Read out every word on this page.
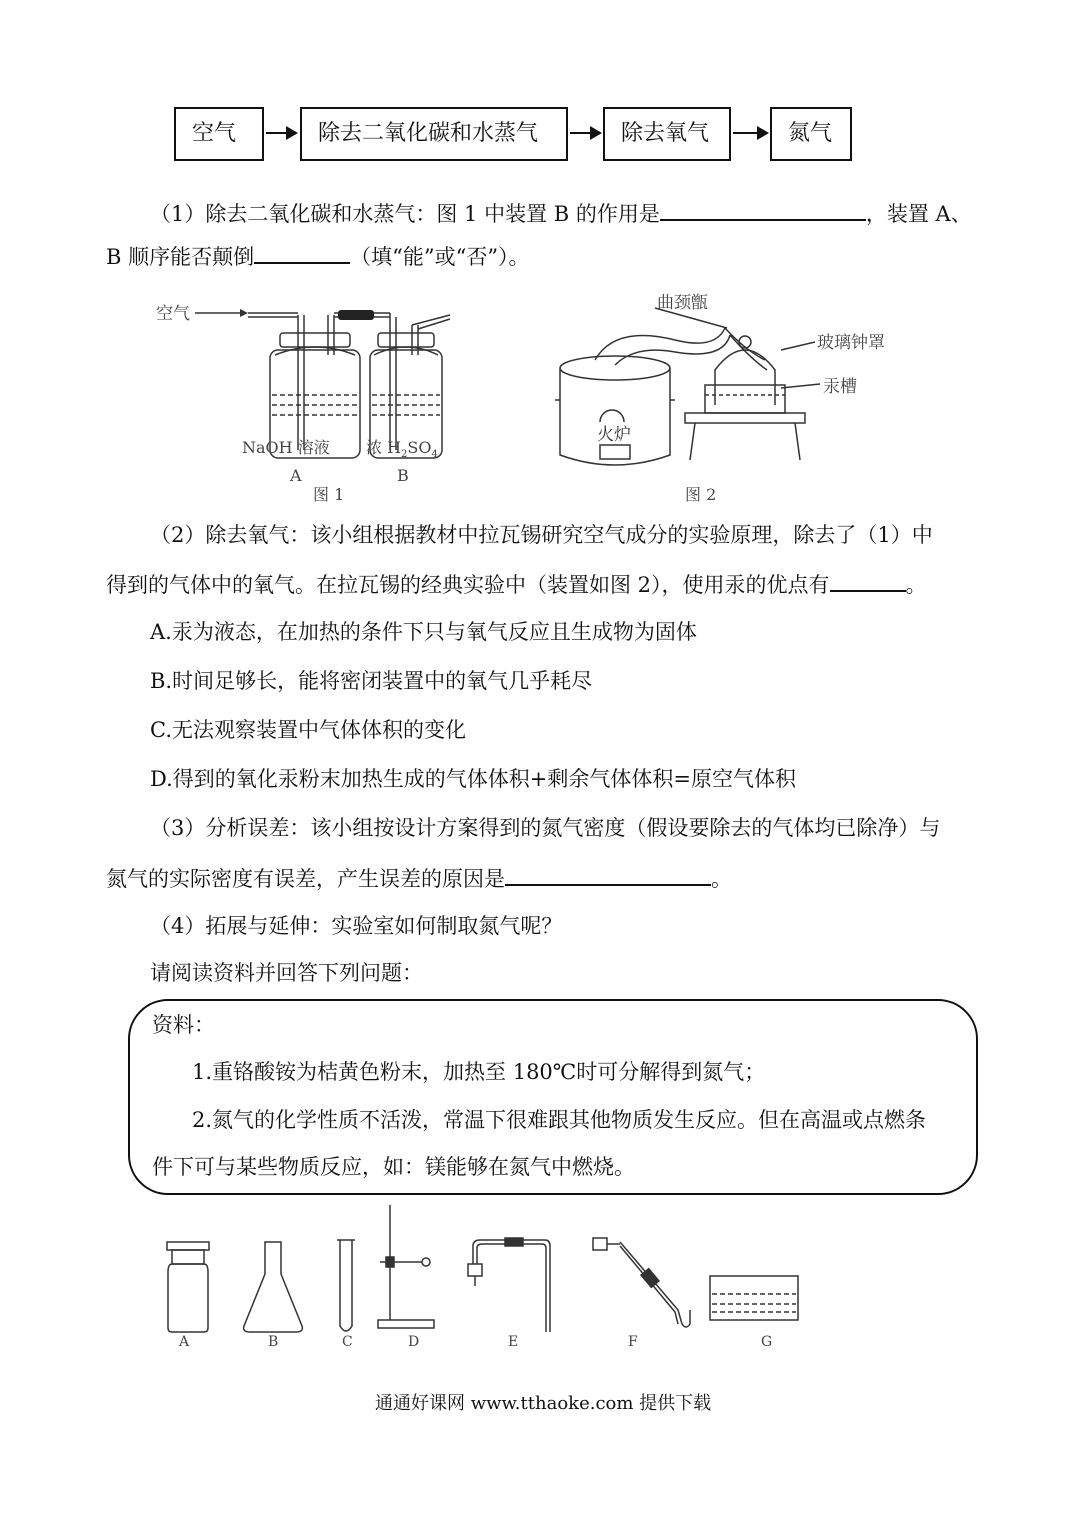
空气	除去二氧化碳和水蒸气	除去氧气	氮气
（1）除去二氧化碳和水蒸气：图 1 中装置 B 的作用是	，装置 A、
B 顺序能否颠倒	（填“能”或“否”）。
空气
NaOH 溶液 浓 $H_2SO_4$
A	B
图 1
曲颈甑
玻璃钟罩
汞槽
火炉
图 2
（2）除去氧气：该小组根据教材中拉瓦锡研究空气成分的实验原理，除去了（1）中
得到的气体中的氧气。在拉瓦锡的经典实验中（装置如图 2），使用汞的优点有	。
A.汞为液态，在加热的条件下只与氧气反应且生成物为固体
B.时间足够长，能将密闭装置中的氧气几乎耗尽
C.无法观察装置中气体体积的变化
D.得到的氧化汞粉末加热生成的气体体积+剩余气体体积=原空气体积
（3）分析误差：该小组按设计方案得到的氮气密度（假设要除去的气体均已除净）与
氮气的实际密度有误差，产生误差的原因是	。
（4）拓展与延伸：实验室如何制取氮气呢？
请阅读资料并回答下列问题：
资料：
1.重铬酸铵为桔黄色粉末，加热至 180℃时可分解得到氮气；
2.氮气的化学性质不活泼，常温下很难跟其他物质发生反应。但在高温或点燃条
件下可与某些物质反应，如：镁能够在氮气中燃烧。
A	B	C	D	E	F	G
通通好课网 www.tthaoke.com 提供下载
